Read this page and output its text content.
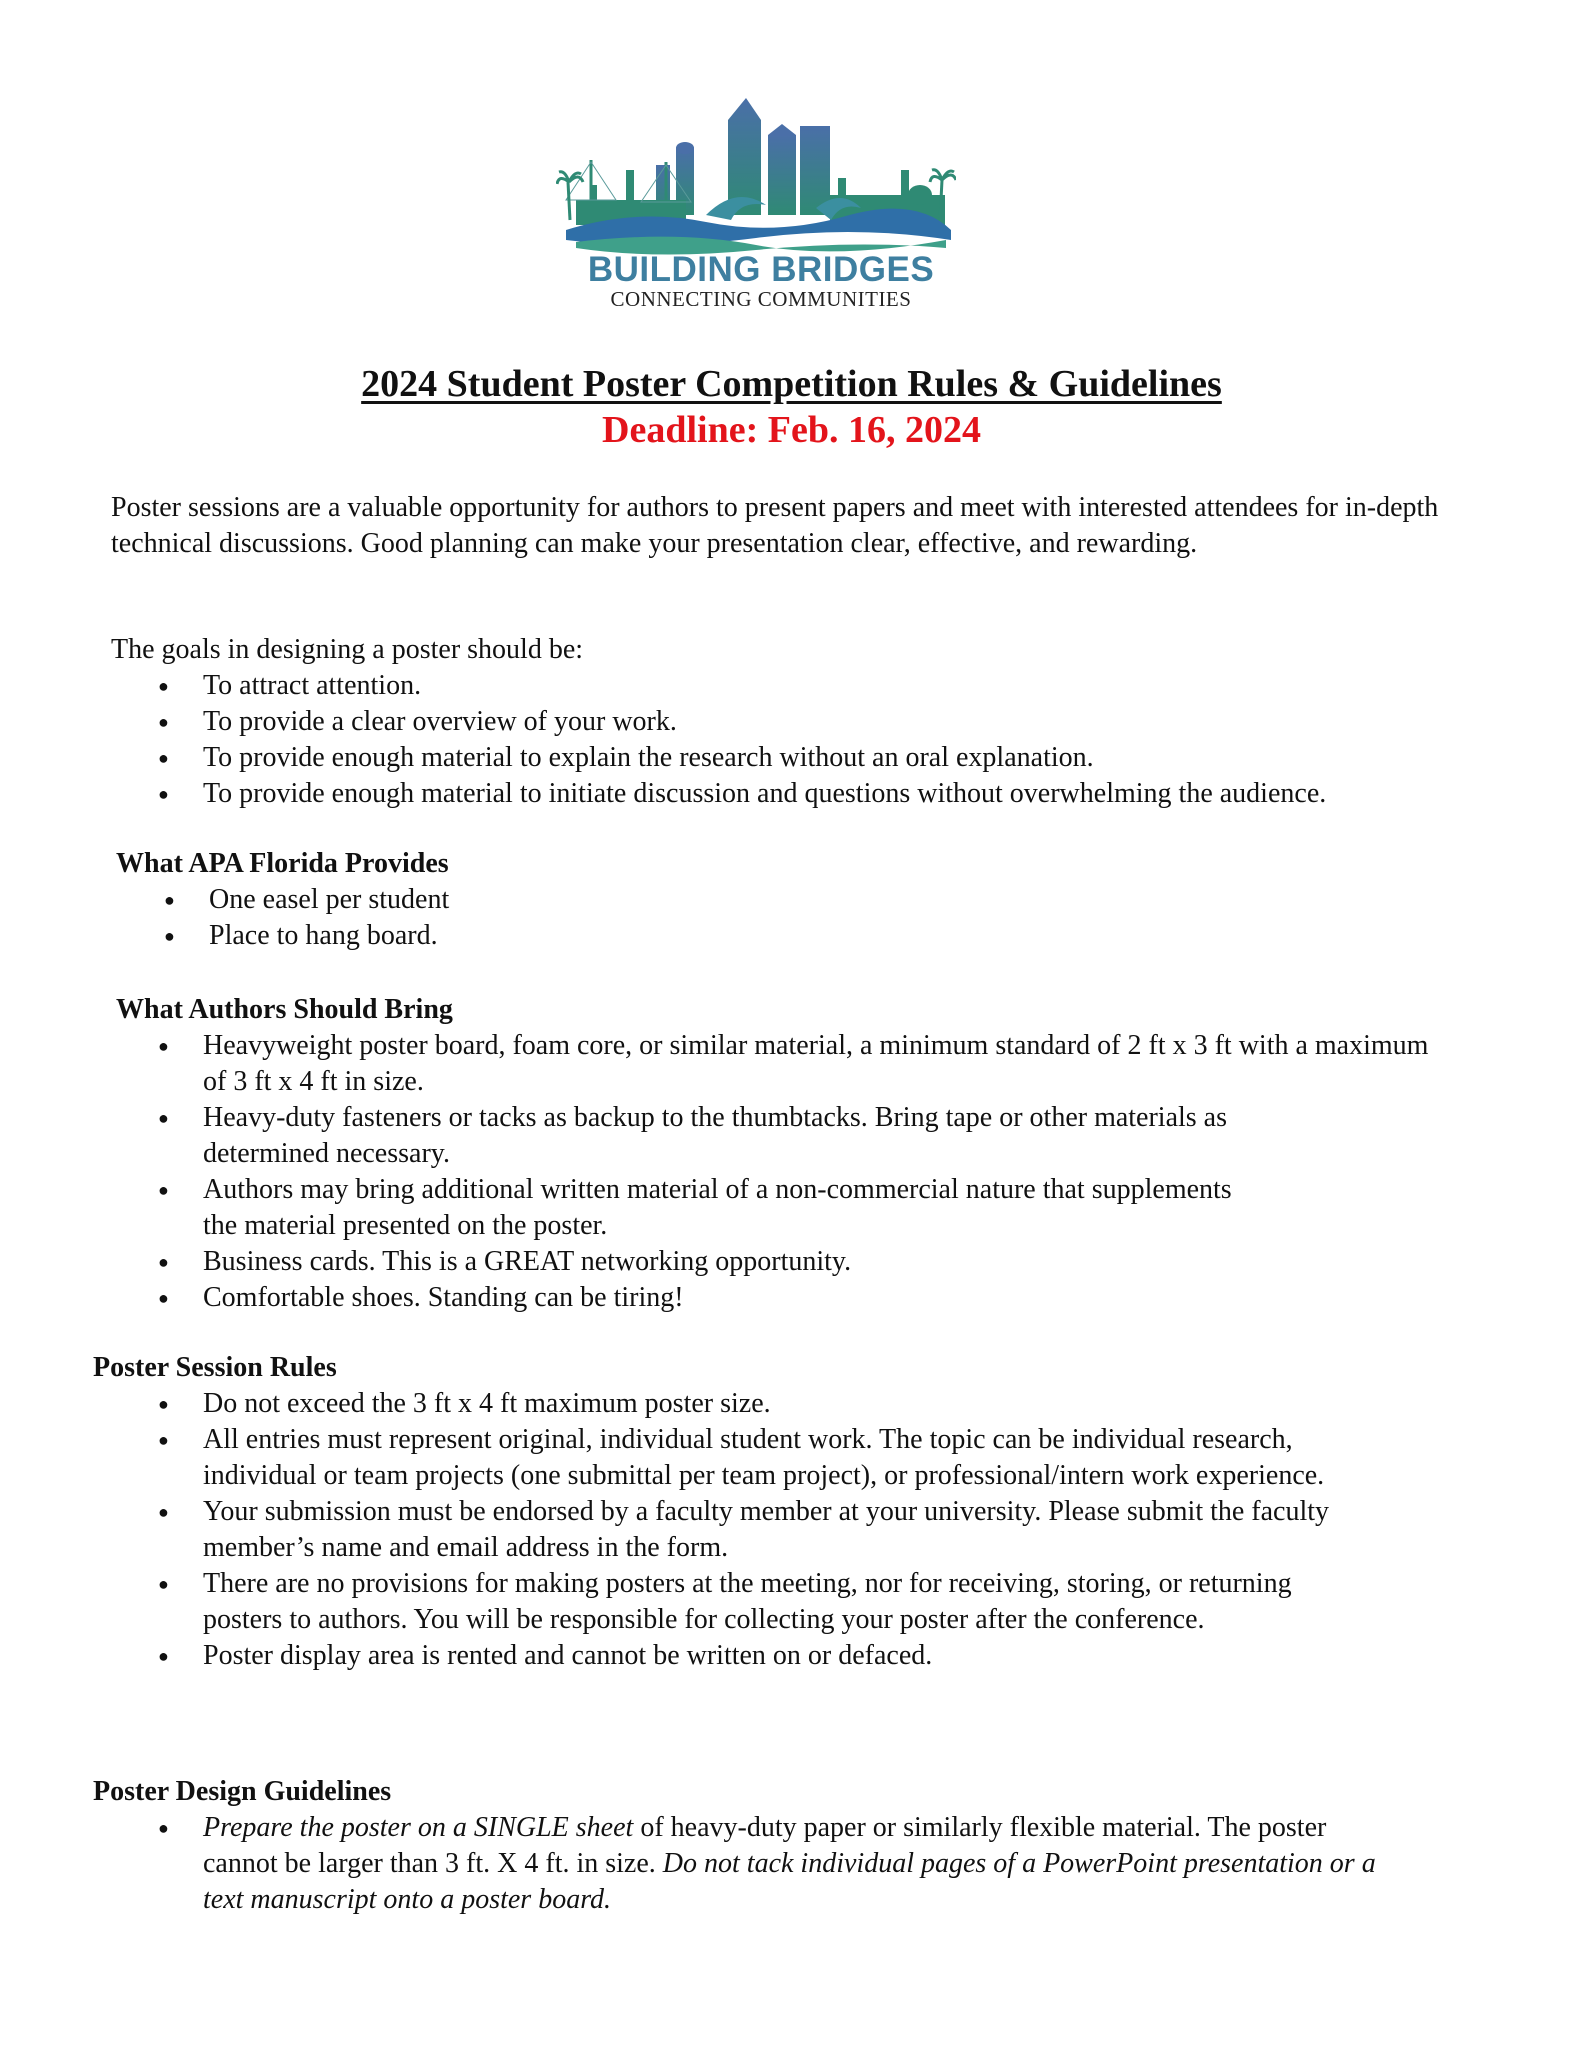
BUILDING BRIDGES
CONNECTING COMMUNITIES
2024 Student Poster Competition Rules & Guidelines
Deadline: Feb. 16, 2024
Poster sessions are a valuable opportunity for authors to present papers and meet with interested attendees for in-depth technical discussions. Good planning can make your presentation clear, effective, and rewarding.
The goals in designing a poster should be:
● To attract attention.
● To provide a clear overview of your work.
● To provide enough material to explain the research without an oral explanation.
● To provide enough material to initiate discussion and questions without overwhelming the audience.
What APA Florida Provides
● One easel per student
● Place to hang board.
What Authors Should Bring
● Heavyweight poster board, foam core, or similar material, a minimum standard of 2 ft x 3 ft with a maximum of 3 ft x 4 ft in size.
● Heavy-duty fasteners or tacks as backup to the thumbtacks. Bring tape or other materials as determined necessary.
● Authors may bring additional written material of a non-commercial nature that supplements the material presented on the poster.
● Business cards. This is a GREAT networking opportunity.
● Comfortable shoes. Standing can be tiring!
Poster Session Rules
● Do not exceed the 3 ft x 4 ft maximum poster size.
● All entries must represent original, individual student work. The topic can be individual research, individual or team projects (one submittal per team project), or professional/intern work experience.
● Your submission must be endorsed by a faculty member at your university. Please submit the faculty member’s name and email address in the form.
● There are no provisions for making posters at the meeting, nor for receiving, storing, or returning posters to authors. You will be responsible for collecting your poster after the conference.
● Poster display area is rented and cannot be written on or defaced.
Poster Design Guidelines
● Prepare the poster on a SINGLE sheet of heavy-duty paper or similarly flexible material. The poster cannot be larger than 3 ft. X 4 ft. in size. Do not tack individual pages of a PowerPoint presentation or a text manuscript onto a poster board.
